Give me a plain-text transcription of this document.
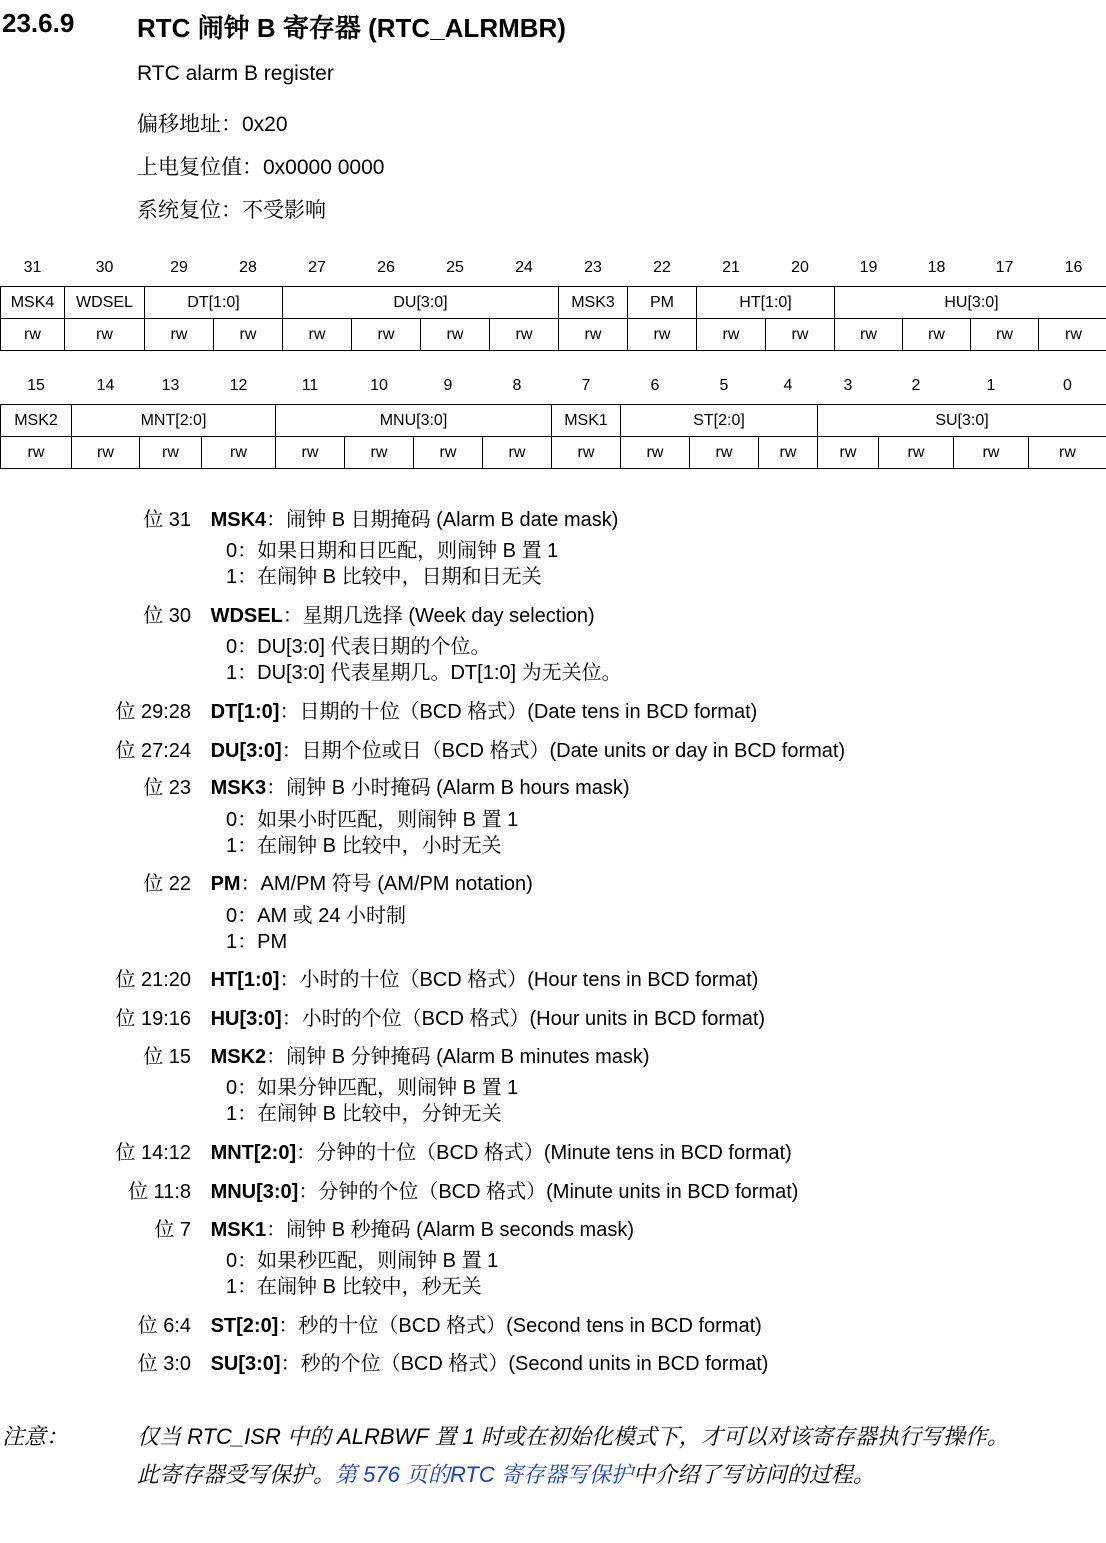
23.6.9 RTC 闹钟 B 寄存器 (RTC_ALRMBR)
RTC alarm B register
偏移地址：0x20
上电复位值：0x0000 0000
系统复位：不受影响
31	30	29	28	27	26	25	24	23	22	21	20	19	18	17	16
MSK4	WDSEL	DT[1:0]		DU[3:0]				MSK3	PM	HT[1:0]		HU[3:0]			
rw	rw	rw	rw	rw	rw	rw	rw	rw	rw	rw	rw	rw	rw	rw	rw
15	14	13	12	11	10	9	8	7	6	5	4	3	2	1	0
MSK2	MNT[2:0]			MNU[3:0]				MSK1	ST[2:0]			SU[3:0]			
rw	rw	rw	rw	rw	rw	rw	rw	rw	rw	rw	rw	rw	rw	rw	rw
位 31 MSK4：闹钟 B 日期掩码 (Alarm B date mask)
0：如果日期和日匹配，则闹钟 B 置 1
1：在闹钟 B 比较中，日期和日无关
位 30 WDSEL：星期几选择 (Week day selection)
0：DU[3:0] 代表日期的个位。
1：DU[3:0] 代表星期几。DT[1:0] 为无关位。
位 29:28 DT[1:0]：日期的十位（BCD 格式）(Date tens in BCD format)
位 27:24 DU[3:0]：日期个位或日（BCD 格式）(Date units or day in BCD format)
位 23 MSK3：闹钟 B 小时掩码 (Alarm B hours mask)
0：如果小时匹配，则闹钟 B 置 1
1：在闹钟 B 比较中，小时无关
位 22 PM：AM/PM 符号 (AM/PM notation)
0：AM 或 24 小时制
1：PM
位 21:20 HT[1:0]：小时的十位（BCD 格式）(Hour tens in BCD format)
位 19:16 HU[3:0]：小时的个位（BCD 格式）(Hour units in BCD format)
位 15 MSK2：闹钟 B 分钟掩码 (Alarm B minutes mask)
0：如果分钟匹配，则闹钟 B 置 1
1：在闹钟 B 比较中，分钟无关
位 14:12 MNT[2:0]：分钟的十位（BCD 格式）(Minute tens in BCD format)
位 11:8 MNU[3:0]：分钟的个位（BCD 格式）(Minute units in BCD format)
位 7 MSK1：闹钟 B 秒掩码 (Alarm B seconds mask)
0：如果秒匹配，则闹钟 B 置 1
1：在闹钟 B 比较中，秒无关
位 6:4 ST[2:0]：秒的十位（BCD 格式）(Second tens in BCD format)
位 3:0 SU[3:0]：秒的个位（BCD 格式）(Second units in BCD format)
注意：	仅当 RTC_ISR 中的 ALRBWF 置 1 时或在初始化模式下，才可以对该寄存器执行写操作。
此寄存器受写保护。第 576 页的RTC 寄存器写保护中介绍了写访问的过程。
